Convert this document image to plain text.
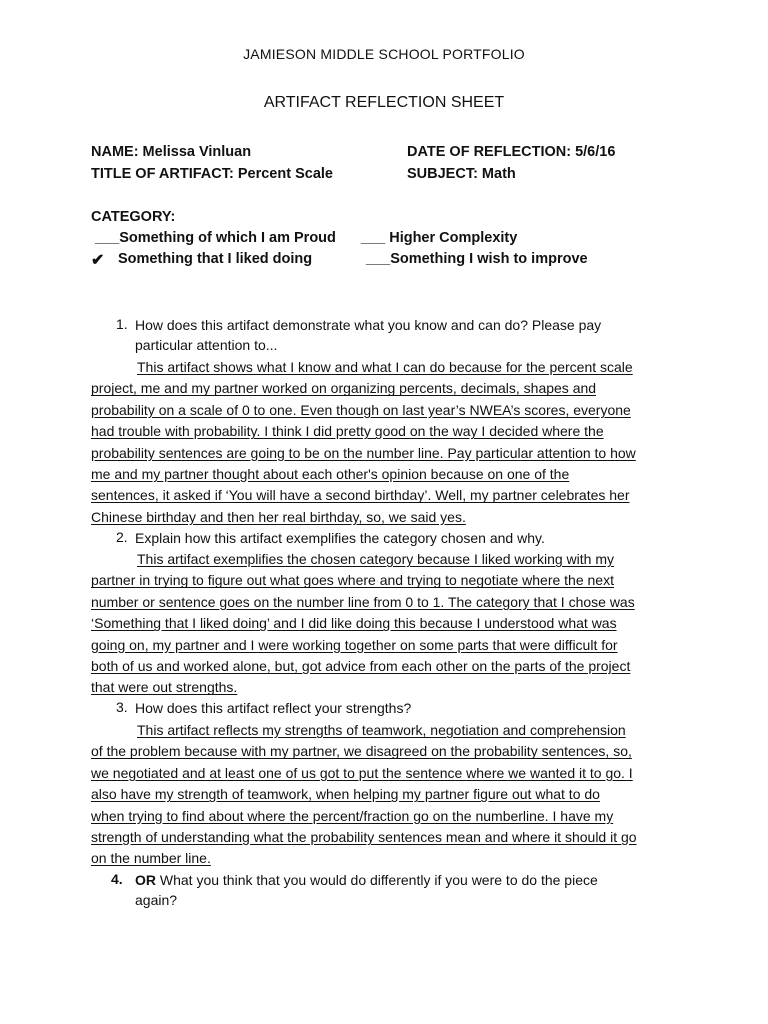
JAMIESON MIDDLE SCHOOL PORTFOLIO
ARTIFACT REFLECTION SHEET
NAME: Melissa Vinluan	DATE OF REFLECTION: 5/6/16
TITLE OF ARTIFACT: Percent Scale	SUBJECT: Math
CATEGORY:
___Something of which I am Proud ___ Higher Complexity
✔ Something that I liked doing	___Something I wish to improve
1. How does this artifact demonstrate what you know and can do? Please pay
particular attention to...
This artifact shows what I know and what I can do because for the percent scale
project, me and my partner worked on organizing percents, decimals, shapes and
probability on a scale of 0 to one. Even though on last year’s NWEA’s scores, everyone
had trouble with probability. I think I did pretty good on the way I decided where the
probability sentences are going to be on the number line. Pay particular attention to how
me and my partner thought about each other's opinion because on one of the
sentences, it asked if ‘You will have a second birthday’. Well, my partner celebrates her
Chinese birthday and then her real birthday, so, we said yes.
2. Explain how this artifact exemplifies the category chosen and why.
This artifact exemplifies the chosen category because I liked working with my
partner in trying to figure out what goes where and trying to negotiate where the next
number or sentence goes on the number line from 0 to 1. The category that I chose was
‘Something that I liked doing’ and I did like doing this because I understood what was
going on, my partner and I were working together on some parts that were difficult for
both of us and worked alone, but, got advice from each other on the parts of the project
that were out strengths.
3. How does this artifact reflect your strengths?
This artifact reflects my strengths of teamwork, negotiation and comprehension
of the problem because with my partner, we disagreed on the probability sentences, so,
we negotiated and at least one of us got to put the sentence where we wanted it to go. I
also have my strength of teamwork, when helping my partner figure out what to do
when trying to find about where the percent/fraction go on the numberline. I have my
strength of understanding what the probability sentences mean and where it should it go
on the number line.
4. OR What you think that you would do differently if you were to do the piece
again?
